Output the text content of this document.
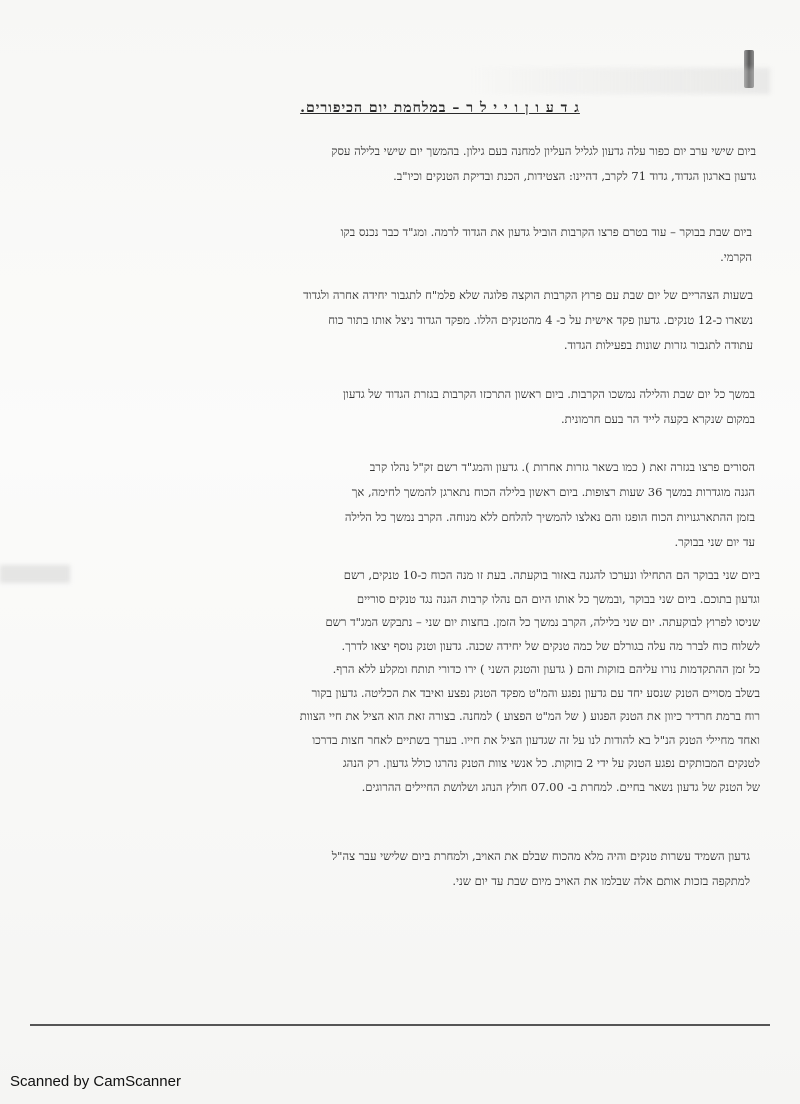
ג ד ע ו ן ו י י ל ר – במלחמת יום הכיפורים.
ביום שישי ערב יום כפור עלה גדעון לגליל העליון למחנה בעם גילון. בהמשך יום שישי בלילה עסק
גדעון בארגון הגדוד, גדוד 71 לקרב, דהיינו: הצטידות, הכנת ובדיקת הטנקים וכיו"ב.
ביום שבת בבוקר – עוד בטרם פרצו הקרבות הוביל גדעון את הגדוד לרמה. ומג"ד כבר נכנס בקו
הקרמי.
בשעות הצהריים של יום שבת עם פרוץ הקרבות הוקצה פלוגה שלא פלמ"ח לתגבור יחידה אחרה ולגדוד
נשארו כ-12 טנקים. גדעון פקד אישית על כ- 4 מהטנקים הללו. מפקד הגדוד ניצל אותו בתור כוח
עתודה לתגבור גזרות שונות בפעילות הגדוד.
במשך כל יום שבת והלילה נמשכו הקרבות. ביום ראשון התרכזו הקרבות בגזרת הגדוד של גדעון
במקום שנקרא בקעה לייד הר בעם חרמונית.
הסורים פרצו בגזרה זאת ( כמו בשאר גזרות אחרות ). גדעון והמג"ד רשם זק"ל נהלו קרב
הגנה מוגדרות במשך 36 שעות רצופות. ביום ראשון בלילה הכוח נתארגן להמשך לחימה, אך
בזמן ההתארגנויות הכוח הופגז והם נאלצו להמשיך להלחם ללא מנוחה. הקרב נמשך כל הלילה
עד יום שני בבוקר.
ביום שני בבוקר הם התחילו ונערכו להגנה באזור בוקעתה. בעת זו מנה הכוח כ-10 טנקים, רשם
וגדעון בתוכם. ביום שני בבוקר ,ובמשך כל אותו היום הם נהלו קרבות הגנה נגד טנקים סוריים
שניסו לפרוץ לבוקעתה. יום שני בלילה, הקרב נמשך כל הזמן. בחצות יום שני – נתבקש המג"ד רשם
לשלוח כוח לברר מה עלה בגורלם של כמה טנקים של יחידה שכנה. גדעון וטנק נוסף יצאו לדרך.
כל זמן ההתקדמות נורו עליהם בזוקות והם ( גדעון והטנק השני ) ירו כדורי תותח ומקלע ללא הרף.
בשלב מסויים הטנק שנסע יחד עם גדעון נפגע והמ"ט מפקד הטנק נפצע ואיבד את הכליטה. גדעון בקור
רוח ברמת חרדיר כיוון את הטנק הפגוע ( של המ"ט הפצוע ) למחנה. בצורה זאת הוא הציל את חיי הצוות
ואחד מחיילי הטנק הנ"ל בא להודות לנו על זה שגדעון הציל את חייו. בערך בשתיים לאחר חצות בדרכו
לטנקים המבותקים נפגע הטנק על ידי 2 בזוקות. כל אנשי צוות הטנק נהרגו כולל גדעון. רק הנהג
של הטנק של גדעון נשאר בחיים. למחרת ב- 07.00 חולץ הנהג ושלושת החיילים ההרוגים.
גדעון השמיד עשרות טנקים והיה מלא מהכוח שבלם את האויב, ולמחרת ביום שלישי עבר צה"ל
למתקפה בזכות אותם אלה שבלמו את האויב מיום שבת עד יום שני.
Scanned by CamScanner
